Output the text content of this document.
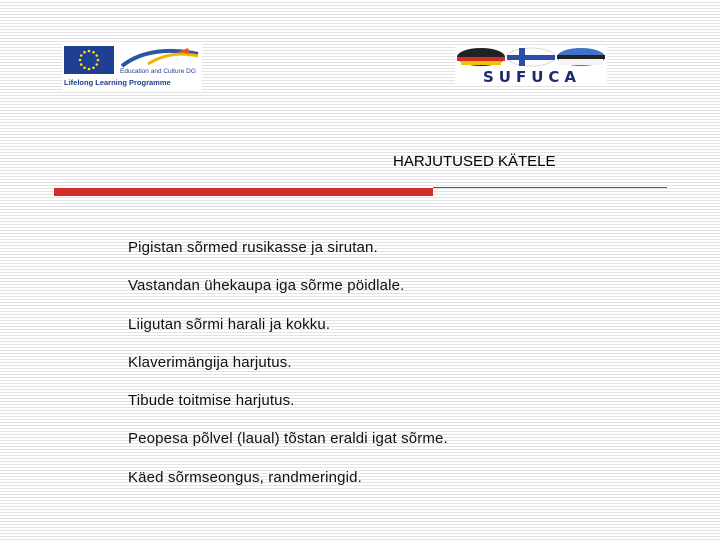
Education and Culture DG
Lifelong Learning Programme	SUFUCA
HARJUTUSED KÄTELE
Pigistan sõrmed rusikasse ja sirutan.
Vastandan ühekaupa iga sõrme pöidlale.
Liigutan sõrmi harali ja kokku.
Klaverimängija harjutus.
Tibude toitmise harjutus.
Peopesa põlvel (laual) tõstan eraldi igat sõrme.
Käed sõrmseongus, randmeringid.
